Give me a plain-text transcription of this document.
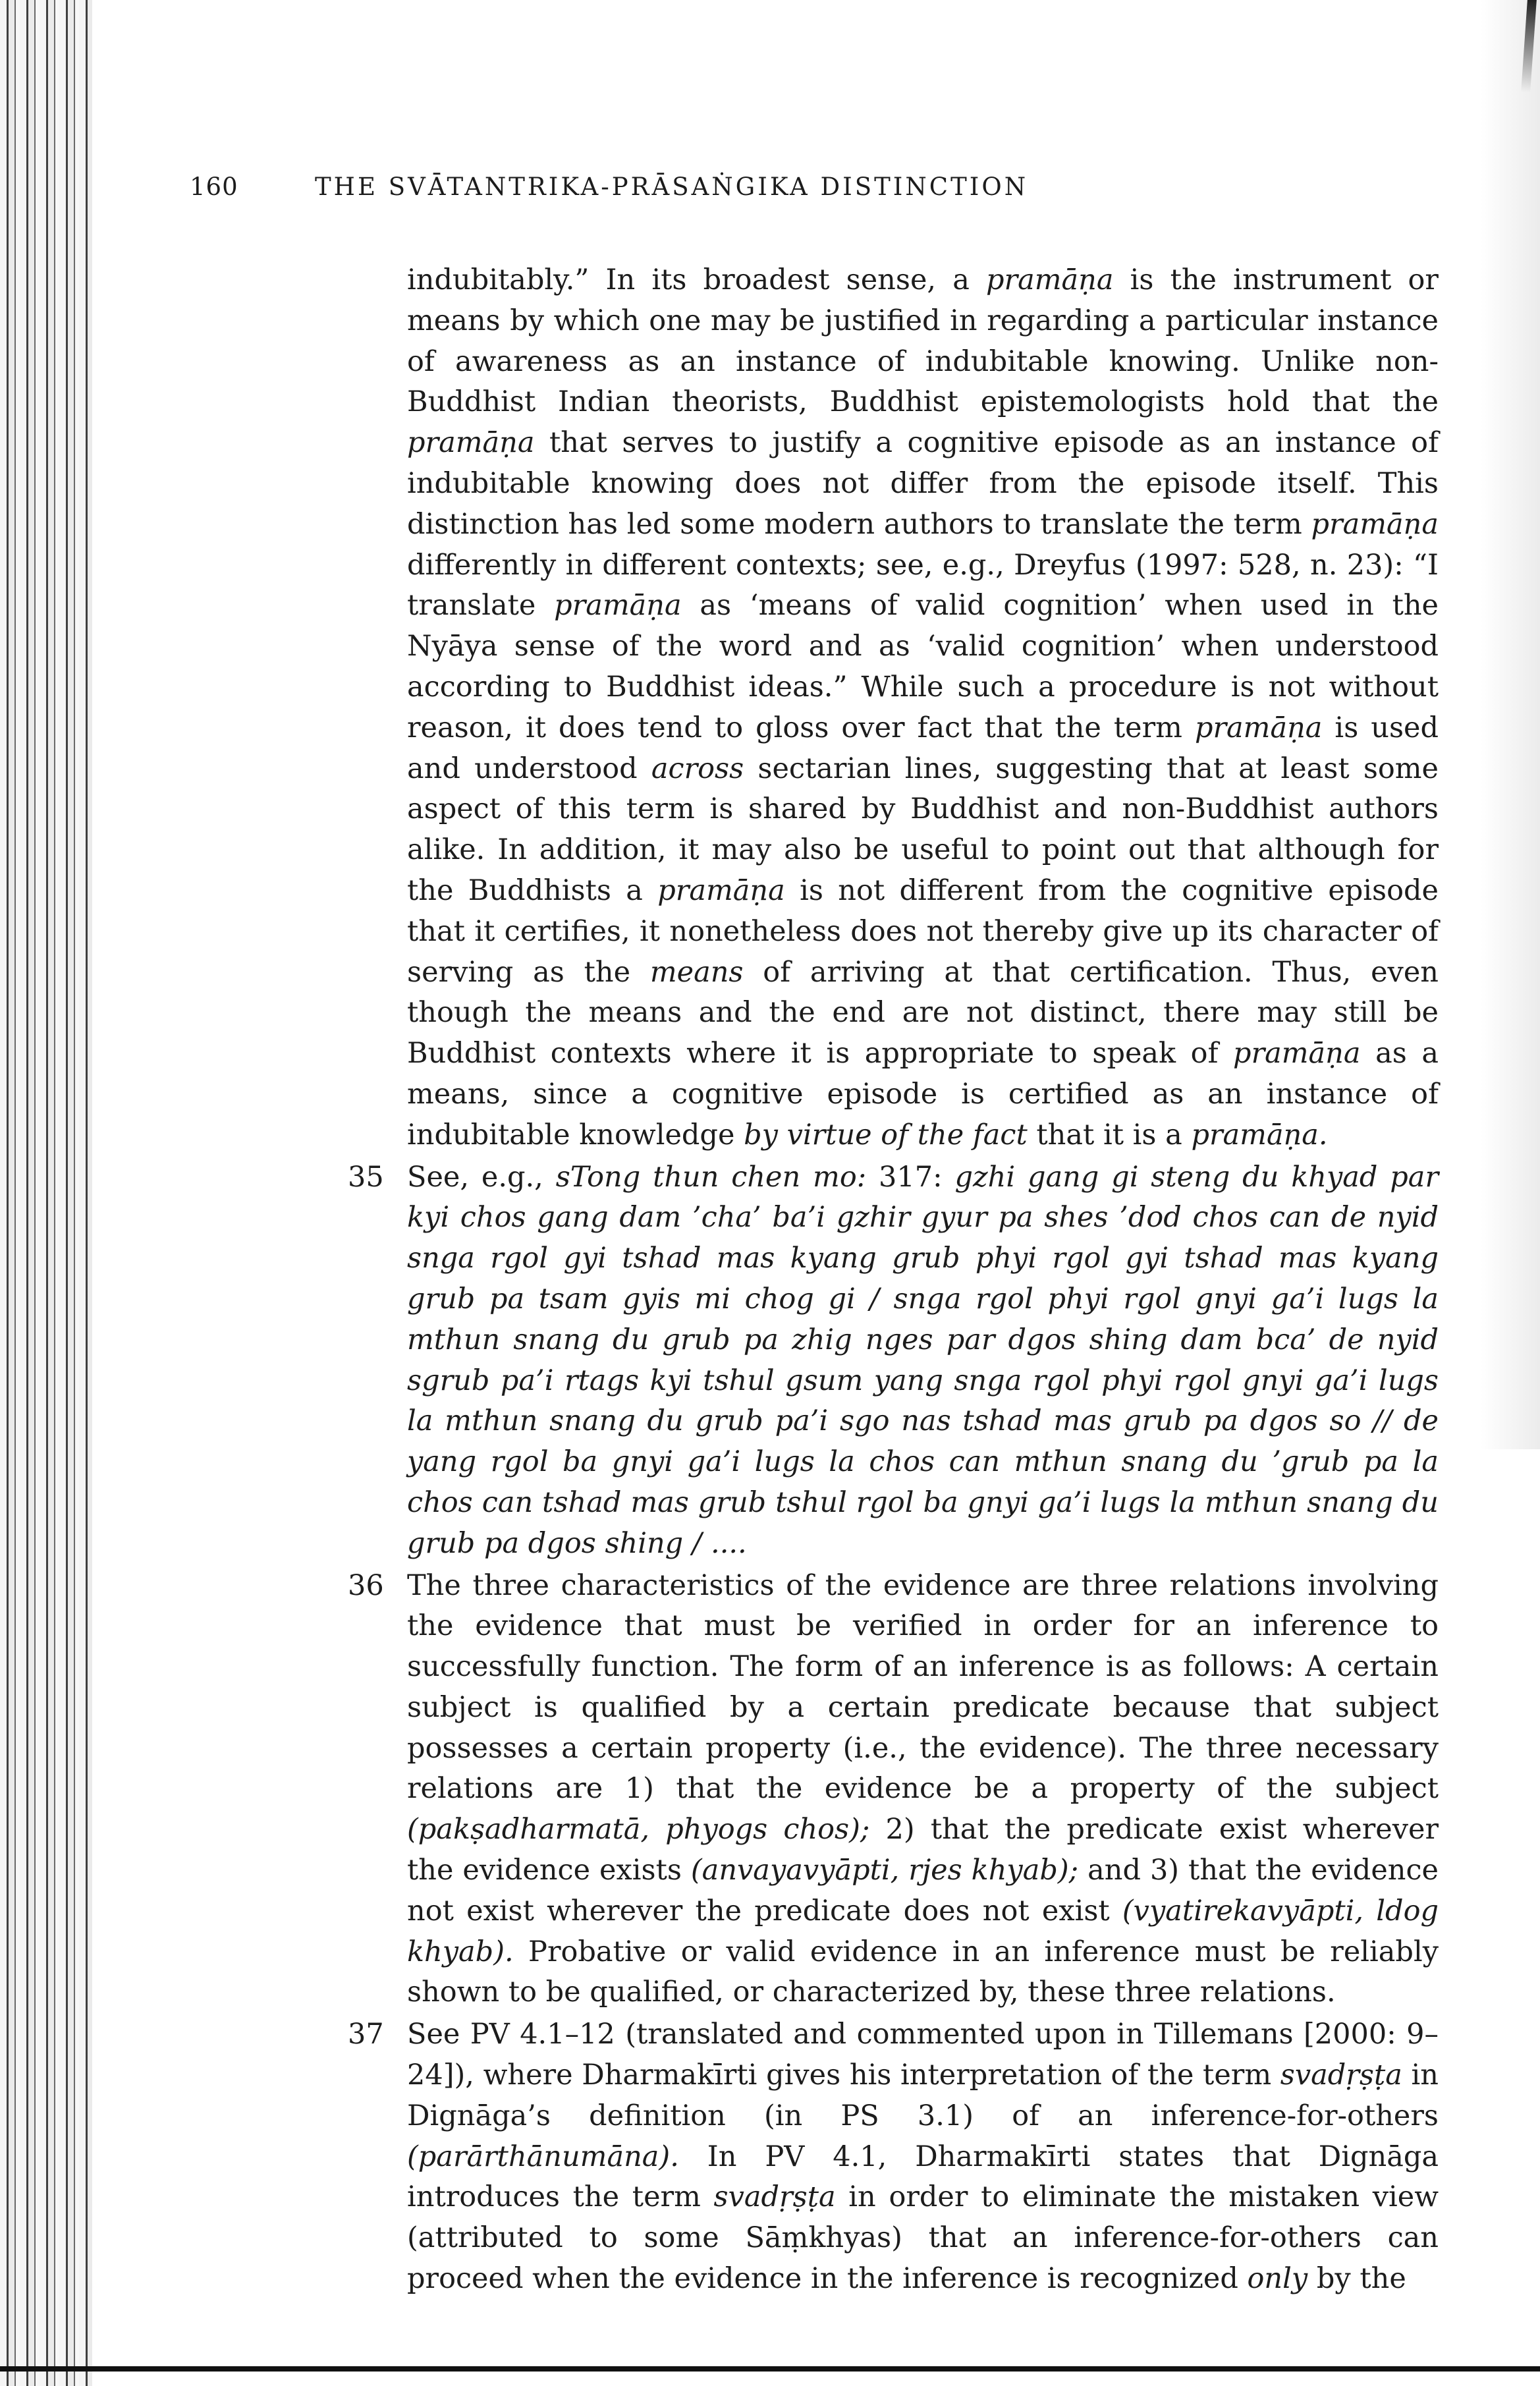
160	THE SVĀTANTRIKA-PRĀSAṄGIKA DISTINCTION
indubitably.” In its broadest sense, a pramāṇa is the instrument or means by which one may be justified in regarding a particular instance of awareness as an instance of indubitable knowing. Unlike non-Buddhist Indian theorists, Buddhist epistemologists hold that the pramāṇa that serves to justify a cognitive episode as an instance of indubitable knowing does not differ from the episode itself. This distinction has led some modern authors to translate the term pramāṇa differently in different contexts; see, e.g., Dreyfus (1997: 528, n. 23): “I translate pramāṇa as ‘means of valid cognition’ when used in the Nyāya sense of the word and as ‘valid cognition’ when understood according to Buddhist ideas.” While such a procedure is not without reason, it does tend to gloss over fact that the term pramāṇa is used and understood across sectarian lines, suggesting that at least some aspect of this term is shared by Buddhist and non-Buddhist authors alike. In addition, it may also be useful to point out that although for the Buddhists a pramāṇa is not different from the cognitive episode that it certifies, it nonetheless does not thereby give up its character of serving as the means of arriving at that certification. Thus, even though the means and the end are not distinct, there may still be Buddhist contexts where it is appropriate to speak of pramāṇa as a means, since a cognitive episode is certified as an instance of indubitable knowledge by virtue of the fact that it is a pramāṇa.
35 See, e.g., sTong thun chen mo: 317: gzhi gang gi steng du khyad par kyi chos gang dam ’cha’ ba’i gzhir gyur pa shes ’dod chos can de nyid snga rgol gyi tshad mas kyang grub phyi rgol gyi tshad mas kyang grub pa tsam gyis mi chog gi / snga rgol phyi rgol gnyi ga’i lugs la mthun snang du grub pa zhig nges par dgos shing dam bca’ de nyid sgrub pa’i rtags kyi tshul gsum yang snga rgol phyi rgol gnyi ga’i lugs la mthun snang du grub pa’i sgo nas tshad mas grub pa dgos so // de yang rgol ba gnyi ga’i lugs la chos can mthun snang du ’grub pa la chos can tshad mas grub tshul rgol ba gnyi ga’i lugs la mthun snang du grub pa dgos shing / ....
36 The three characteristics of the evidence are three relations involving the evidence that must be verified in order for an inference to successfully function. The form of an inference is as follows: A certain subject is qualified by a certain predicate because that subject possesses a certain property (i.e., the evidence). The three necessary relations are 1) that the evidence be a property of the subject (pakṣadharmatā, phyogs chos); 2) that the predicate exist wherever the evidence exists (anvayavyāpti, rjes khyab); and 3) that the evidence not exist wherever the predicate does not exist (vyatirekavyāpti, ldog khyab). Probative or valid evidence in an inference must be reliably shown to be qualified, or characterized by, these three relations.
37 See PV 4.1–12 (translated and commented upon in Tillemans [2000: 9–24]), where Dharmakīrti gives his interpretation of the term svadṛṣṭa in Dignāga’s definition (in PS 3.1) of an inference-for-others (parārthānumāna). In PV 4.1, Dharmakīrti states that Dignāga introduces the term svadṛṣṭa in order to eliminate the mistaken view (attributed to some Sāṃkhyas) that an inference-for-others can proceed when the evidence in the inference is recognized only by the
